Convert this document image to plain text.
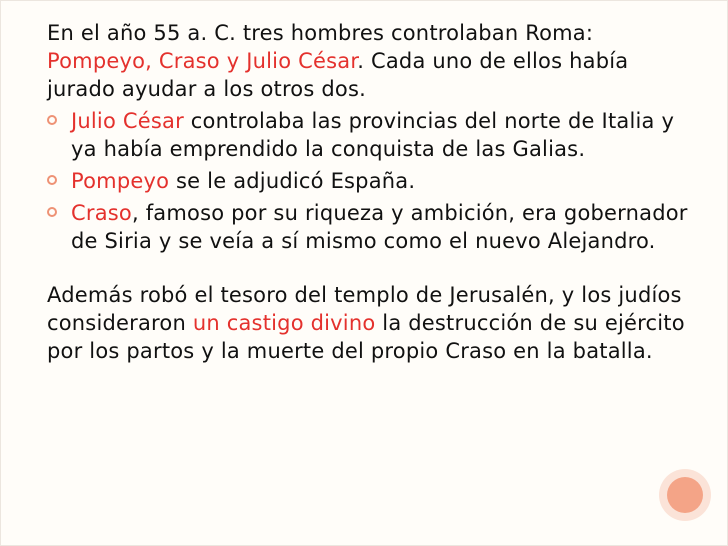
En el año 55 a. C. tres hombres controlaban Roma:
Pompeyo, Craso y Julio César. Cada uno de ellos había jurado ayudar a los otros dos.

Julio César controlaba las provincias del norte de Italia y ya había emprendido la conquista de las Galias.
Pompeyo se le adjudicó España.
Craso, famoso por su riqueza y ambición, era gobernador de Siria y se veía a sí mismo como el nuevo Alejandro.

Además robó el tesoro del templo de Jerusalén, y los judíos consideraron un castigo divino la destrucción de su ejército por los partos y la muerte del propio Craso en la batalla.
